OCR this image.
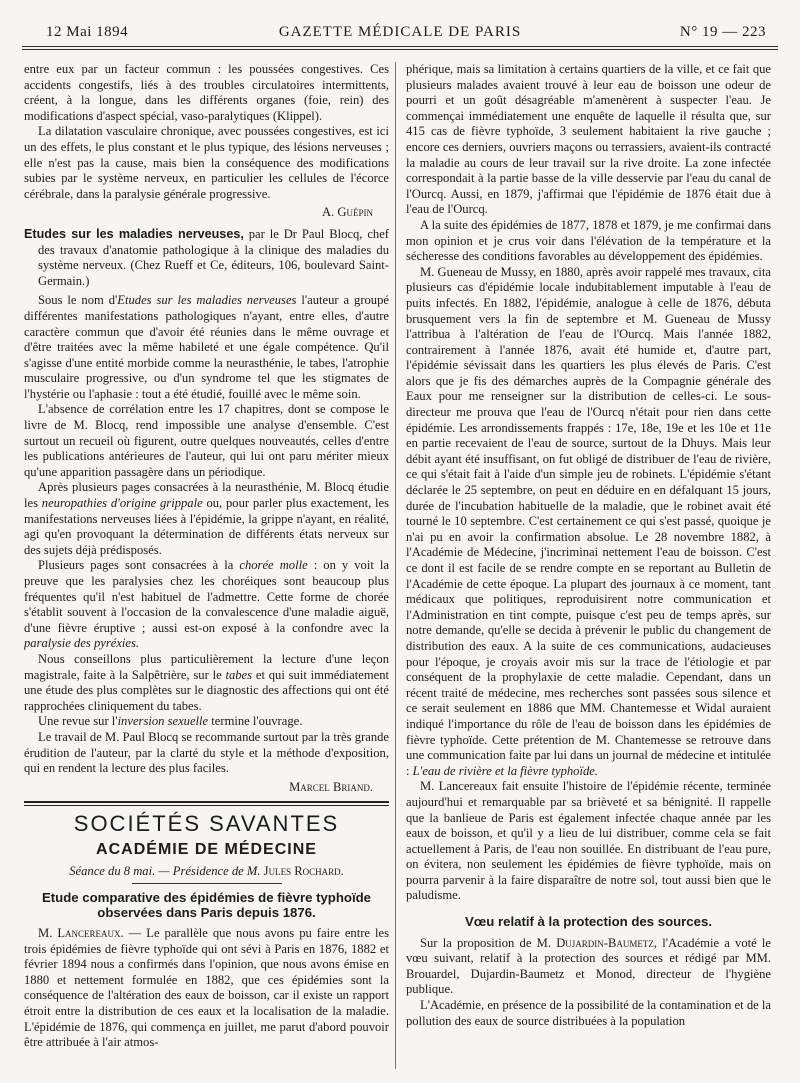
12 Mai 1894	GAZETTE MÉDICALE DE PARIS	N° 19 — 223

entre eux par un facteur commun : les poussées congestives. Ces accidents congestifs, liés à des troubles circulatoires intermittents, créent, à la longue, dans les différents organes (foie, rein) des modifications d'aspect spécial, vaso-paralytiques (Klippel).

La dilatation vasculaire chronique, avec poussées congestives, est ici un des effets, le plus constant et le plus typique, des lésions nerveuses ; elle n'est pas la cause, mais bien la conséquence des modifications subies par le système nerveux, en particulier les cellules de l'écorce cérébrale, dans la paralysie générale progressive.

A. Guépin

Etudes sur les maladies nerveuses, par le Dr Paul Blocq, chef des travaux d'anatomie pathologique à la clinique des maladies du système nerveux. (Chez Rueff et Ce, éditeurs, 106, boulevard Saint-Germain.)

Sous le nom d'Etudes sur les maladies nerveuses l'auteur a groupé différentes manifestations pathologiques n'ayant, entre elles, d'autre caractère commun que d'avoir été réunies dans le même ouvrage et d'être traitées avec la même habileté et une égale compétence. Qu'il s'agisse d'une entité morbide comme la neurasthénie, le tabes, l'atrophie musculaire progressive, ou d'un syndrome tel que les stigmates de l'hystérie ou l'aphasie : tout a été étudié, fouillé avec le même soin.

L'absence de corrélation entre les 17 chapitres, dont se compose le livre de M. Blocq, rend impossible une analyse d'ensemble. C'est surtout un recueil où figurent, outre quelques nouveautés, celles d'entre les publications antérieures de l'auteur, qui lui ont paru mériter mieux qu'une apparition passagère dans un périodique.

Après plusieurs pages consacrées à la neurasthénie, M. Blocq étudie les neuropathies d'origine grippale ou, pour parler plus exactement, les manifestations nerveuses liées à l'épidémie, la grippe n'ayant, en réalité, agi qu'en provoquant la détermination de différents états nerveux sur des sujets déjà prédisposés.

Plusieurs pages sont consacrées à la chorée molle : on y voit la preuve que les paralysies chez les choréiques sont beaucoup plus fréquentes qu'il n'est habituel de l'admettre. Cette forme de chorée s'établit souvent à l'occasion de la convalescence d'une maladie aiguë, d'une fièvre éruptive ; aussi est-on exposé à la confondre avec la paralysie des pyréxies.

Nous conseillons plus particulièrement la lecture d'une leçon magistrale, faite à la Salpêtrière, sur le tabes et qui suit immédiatement une étude des plus complètes sur le diagnostic des affections qui ont été rapprochées cliniquement du tabes.

Une revue sur l'inversion sexuelle termine l'ouvrage.

Le travail de M. Paul Blocq se recommande surtout par la très grande érudition de l'auteur, par la clarté du style et la méthode d'exposition, qui en rendent la lecture des plus faciles.

Marcel Briand.
SOCIÉTÉS SAVANTES
ACADÉMIE DE MÉDECINE
Séance du 8 mai. — Présidence de M. Jules Rochard.
Etude comparative des épidémies de fièvre typhoïde observées dans Paris depuis 1876.

M. Lancereaux. — Le parallèle que nous avons pu faire entre les trois épidémies de fièvre typhoïde qui ont sévi à Paris en 1876, 1882 et février 1894 nous a confirmés dans l'opinion, que nous avons émise en 1880 et nettement formulée en 1882, que ces épidémies sont la conséquence de l'altération des eaux de boisson, car il existe un rapport étroit entre la distribution de ces eaux et la localisation de la maladie. L'épidémie de 1876, qui commença en juillet, me parut d'abord pouvoir être attribuée à l'air atmos-

phérique, mais sa limitation à certains quartiers de la ville, et ce fait que plusieurs malades avaient trouvé à leur eau de boisson une odeur de pourri et un goût désagréable m'amenèrent à suspecter l'eau. Je commençai immédiatement une enquête de laquelle il résulta que, sur 415 cas de fièvre typhoïde, 3 seulement habitaient la rive gauche ; encore ces derniers, ouvriers maçons ou terrassiers, avaient-ils contracté la maladie au cours de leur travail sur la rive droite. La zone infectée correspondait à la partie basse de la ville desservie par l'eau du canal de l'Ourcq. Aussi, en 1879, j'affirmai que l'épidémie de 1876 était due à l'eau de l'Ourcq.

A la suite des épidémies de 1877, 1878 et 1879, je me confirmai dans mon opinion et je crus voir dans l'élévation de la température et la sécheresse des conditions favorables au développement des épidémies.

M. Gueneau de Mussy, en 1880, après avoir rappelé mes travaux, cita plusieurs cas d'épidémie locale indubitablement imputable à l'eau de puits infectés. En 1882, l'épidémie, analogue à celle de 1876, débuta brusquement vers la fin de septembre et M. Gueneau de Mussy l'attribua à l'altération de l'eau de l'Ourcq. Mais l'année 1882, contrairement à l'année 1876, avait été humide et, d'autre part, l'épidémie sévissait dans les quartiers les plus élevés de Paris. C'est alors que je fis des démarches auprès de la Compagnie générale des Eaux pour me renseigner sur la distribution de celles-ci. Le sous-directeur me prouva que l'eau de l'Ourcq n'était pour rien dans cette épidémie. Les arrondissements frappés : 17e, 18e, 19e et les 10e et 11e en partie recevaient de l'eau de source, surtout de la Dhuys. Mais leur débit ayant été insuffisant, on fut obligé de distribuer de l'eau de rivière, ce qui s'était fait à l'aide d'un simple jeu de robinets. L'épidémie s'étant déclarée le 25 septembre, on peut en déduire en en défalquant 15 jours, durée de l'incubation habituelle de la maladie, que le robinet avait été tourné le 10 septembre. C'est certainement ce qui s'est passé, quoique je n'ai pu en avoir la confirmation absolue. Le 28 novembre 1882, à l'Académie de Médecine, j'incriminai nettement l'eau de boisson. C'est ce dont il est facile de se rendre compte en se reportant au Bulletin de l'Académie de cette époque. La plupart des journaux à ce moment, tant médicaux que politiques, reproduisirent notre communication et l'Administration en tint compte, puisque c'est peu de temps après, sur notre demande, qu'elle se decida à prévenir le public du changement de distribution des eaux. A la suite de ces communications, audacieuses pour l'époque, je croyais avoir mis sur la trace de l'étiologie et par conséquent de la prophylaxie de cette maladie. Cependant, dans un récent traité de médecine, mes recherches sont passées sous silence et ce serait seulement en 1886 que MM. Chantemesse et Widal auraient indiqué l'importance du rôle de l'eau de boisson dans les épidémies de fièvre typhoïde. Cette prétention de M. Chantemesse se retrouve dans une communication faite par lui dans un journal de médecine et intitulée : L'eau de rivière et la fièvre typhoïde.

M. Lancereaux fait ensuite l'histoire de l'épidémie récente, terminée aujourd'hui et remarquable par sa brièveté et sa bénignité. Il rappelle que la banlieue de Paris est également infectée chaque année par les eaux de boisson, et qu'il y a lieu de lui distribuer, comme cela se fait actuellement à Paris, de l'eau non souillée. En distribuant de l'eau pure, on évitera, non seulement les épidémies de fièvre typhoïde, mais on pourra parvenir à la faire disparaître de notre sol, tout aussi bien que le paludisme.

Vœu relatif à la protection des sources.

Sur la proposition de M. Dujardin-Baumetz, l'Académie a voté le vœu suivant, relatif à la protection des sources et rédigé par MM. Brouardel, Dujardin-Baumetz et Monod, directeur de l'hygiène publique.

L'Académie, en présence de la possibilité de la contamination et de la pollution des eaux de source distribuées à la population
